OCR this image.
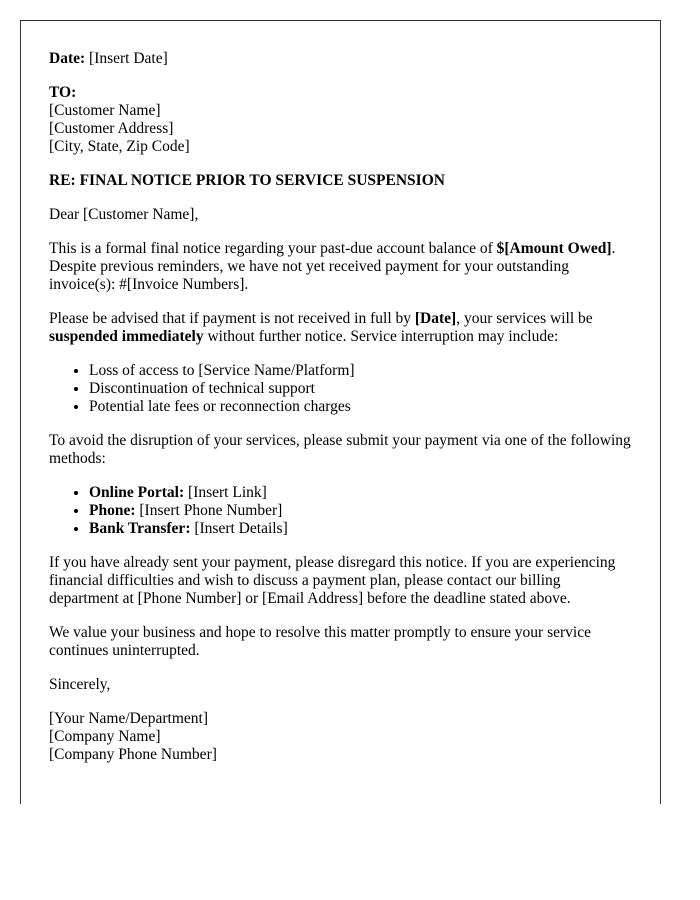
Date: [Insert Date]

TO:
[Customer Name]
[Customer Address]
[City, State, Zip Code]

RE: FINAL NOTICE PRIOR TO SERVICE SUSPENSION

Dear [Customer Name],

This is a formal final notice regarding your past-due account balance of $[Amount Owed]. Despite previous reminders, we have not yet received payment for your outstanding invoice(s): #[Invoice Numbers].

Please be advised that if payment is not received in full by [Date], your services will be suspended immediately without further notice. Service interruption may include:

• Loss of access to [Service Name/Platform]
• Discontinuation of technical support
• Potential late fees or reconnection charges

To avoid the disruption of your services, please submit your payment via one of the following methods:

• Online Portal: [Insert Link]
• Phone: [Insert Phone Number]
• Bank Transfer: [Insert Details]

If you have already sent your payment, please disregard this notice. If you are experiencing financial difficulties and wish to discuss a payment plan, please contact our billing department at [Phone Number] or [Email Address] before the deadline stated above.

We value your business and hope to resolve this matter promptly to ensure your service continues uninterrupted.

Sincerely,

[Your Name/Department]
[Company Name]
[Company Phone Number]
